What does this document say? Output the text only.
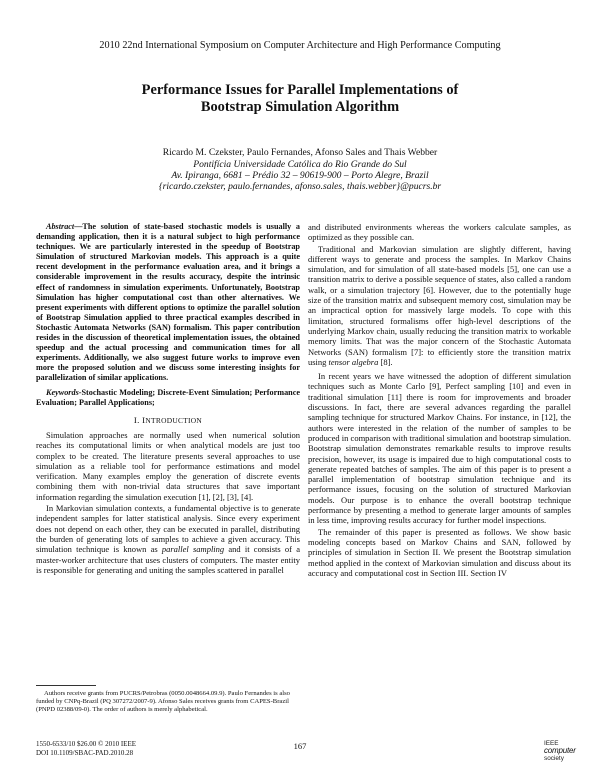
2010 22nd International Symposium on Computer Architecture and High Performance Computing
Performance Issues for Parallel Implementations of
Bootstrap Simulation Algorithm
Ricardo M. Czekster, Paulo Fernandes, Afonso Sales and Thais Webber
Pontifícia Universidade Católica do Rio Grande do Sul
Av. Ipiranga, 6681 – Prédio 32 – 90619-900 – Porto Alegre, Brazil
{ricardo.czekster, paulo.fernandes, afonso.sales, thais.webber}@pucrs.br

Abstract—The solution of state-based stochastic models is usually a demanding application, then it is a natural subject to high performance techniques. We are particularly interested in the speedup of Bootstrap Simulation of structured Markovian models. This approach is a quite recent development in the performance evaluation area, and it brings a considerable improvement in the results accuracy, despite the intrinsic effect of randomness in simulation experiments. Unfortunately, Bootstrap Simulation has higher computational cost than other alternatives. We present experiments with different options to optimize the parallel solution of Bootstrap Simulation applied to three practical examples described in Stochastic Automata Networks (SAN) formalism. This paper contribution resides in the discussion of theoretical implementation issues, the obtained speedup and the actual processing and communication times for all experiments. Additionally, we also suggest future works to improve even more the proposed solution and we discuss some interesting insights for parallelization of similar applications.

Keywords-Stochastic Modeling; Discrete-Event Simulation; Performance Evaluation; Parallel Applications;

I. INTRODUCTION

Simulation approaches are normally used when numerical solution reaches its computational limits or when analytical models are just too complex to be created. The literature presents several approaches to use simulation as a reliable tool for performance estimations and model verification. Many examples employ the generation of discrete events combining them with non-trivial data structures that save important information regarding the simulation execution [1], [2], [3], [4].

In Markovian simulation contexts, a fundamental objective is to generate independent samples for latter statistical analysis. Since every experiment does not depend on each other, they can be executed in parallel, distributing the burden of generating lots of samples to achieve a given accuracy. This simulation technique is known as parallel sampling and it consists of a master-worker architecture that uses clusters of computers. The master entity is responsible for generating and uniting the samples scattered in parallel

Authors receive grants from PUCRS/Petrobras (0050.0048664.09.9). Paulo Fernandes is also funded by CNPq-Brazil (PQ 307272/2007-9). Afonso Sales receives grants from CAPES-Brazil (PNPD 02388/09-0). The order of authors is merely alphabetical.

and distributed environments whereas the workers calculate samples, as optimized as they possible can.

Traditional and Markovian simulation are slightly different, having different ways to generate and process the samples. In Markov Chains simulation, and for simulation of all state-based models [5], one can use a transition matrix to derive a possible sequence of states, also called a random walk, or a simulation trajectory [6]. However, due to the potentially huge size of the transition matrix and subsequent memory cost, simulation may be an impractical option for massively large models. To cope with this limitation, structured formalisms offer high-level descriptions of the underlying Markov chain, usually reducing the transition matrix to workable memory limits. That was the major concern of the Stochastic Automata Networks (SAN) formalism [7]: to efficiently store the transition matrix using tensor algebra [8].

In recent years we have witnessed the adoption of different simulation techniques such as Monte Carlo [9], Perfect sampling [10] and even in traditional simulation [11] there is room for improvements and broader discussions. In fact, there are several advances regarding the parallel sampling technique for structured Markov Chains. For instance, in [12], the authors were interested in the relation of the number of samples to be produced in comparison with traditional simulation and bootstrap simulation. Bootstrap simulation demonstrates remarkable results to improve results precision, however, its usage is impaired due to high computational costs to generate repeated batches of samples. The aim of this paper is to present a parallel implementation of bootstrap simulation technique and its performance issues, focusing on the solution of structured Markovian models. Our purpose is to enhance the overall bootstrap technique performance by presenting a method to generate larger amounts of samples in less time, improving results accuracy for further model inspections.

The remainder of this paper is presented as follows. We show basic modeling concepts based on Markov Chains and SAN, followed by principles of simulation in Section II. We present the Bootstrap simulation method applied in the context of Markovian simulation and discuss about its accuracy and computational cost in Section III. Section IV

1550-6533/10 $26.00 © 2010 IEEE
DOI 10.1109/SBAC-PAD.2010.28
167	IEEE
computer
society
